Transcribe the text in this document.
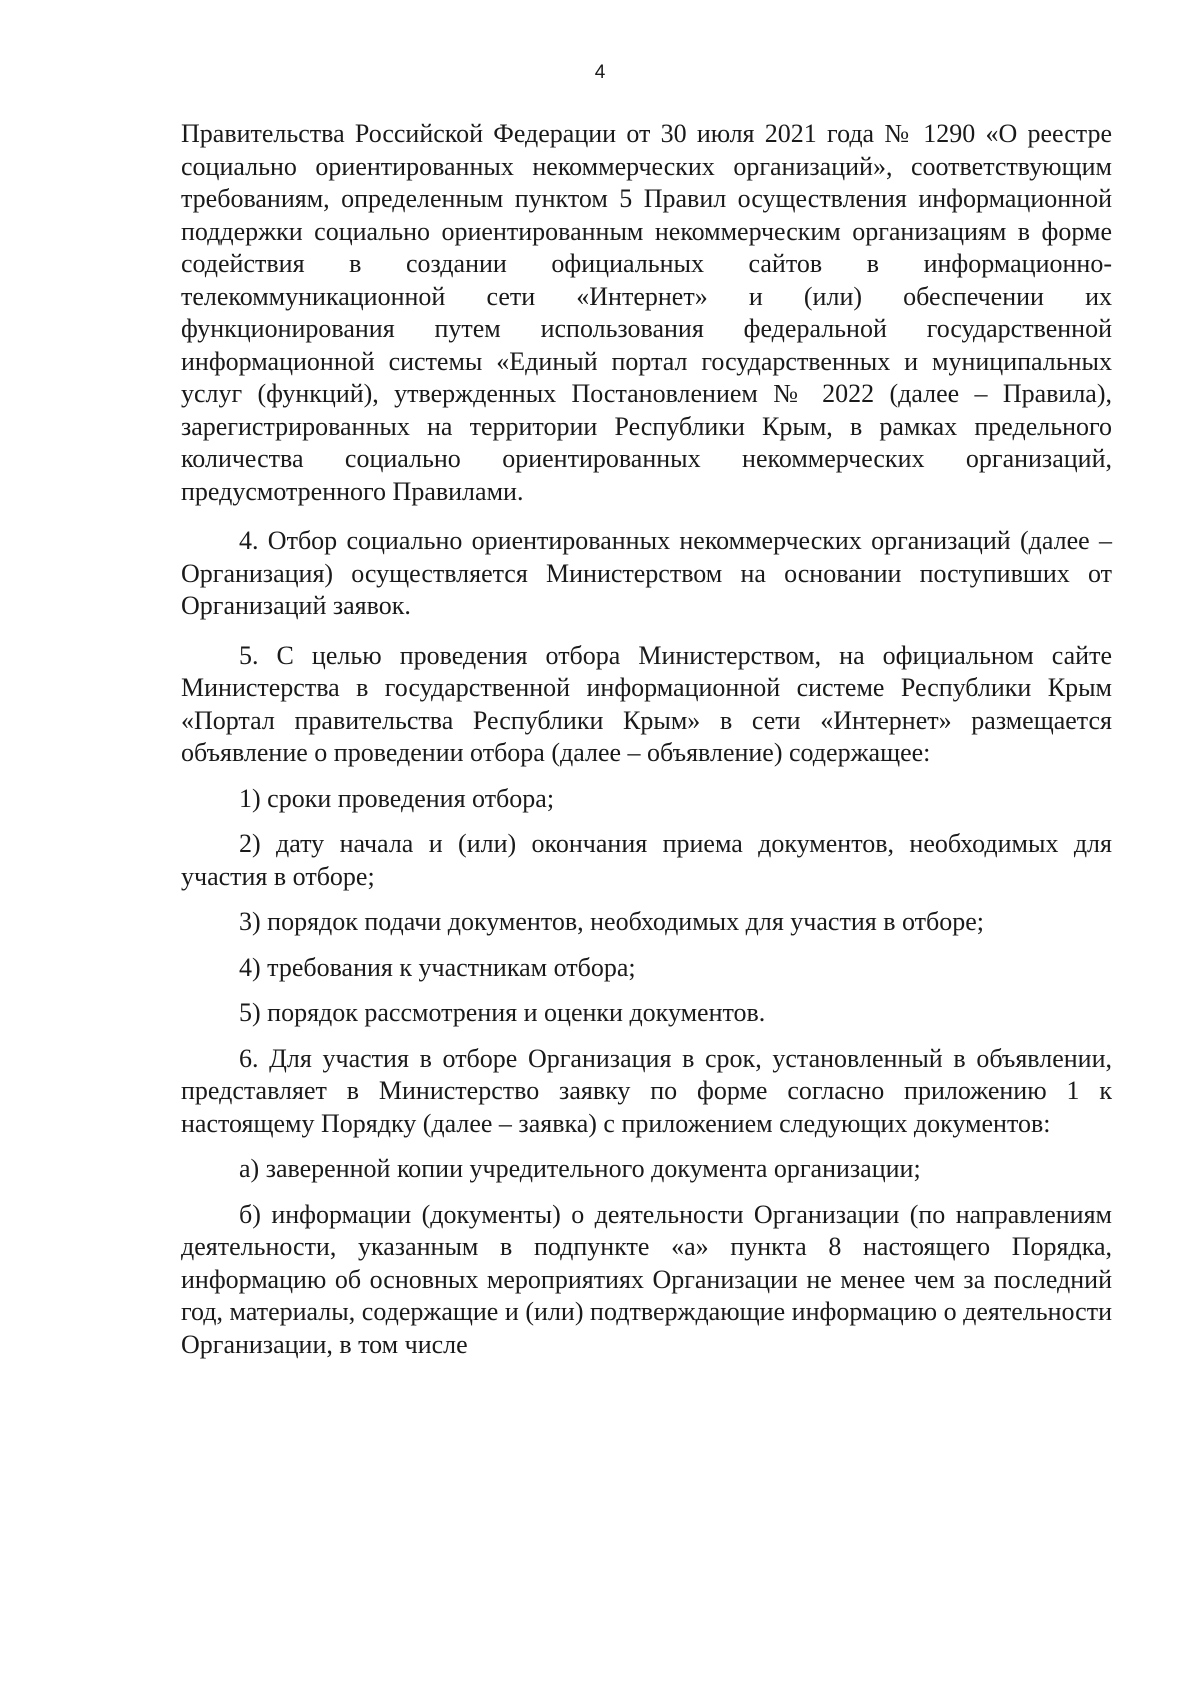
4

Правительства Российской Федерации от 30 июля 2021 года № 1290 «О реестре социально ориентированных некоммерческих организаций», соответствующим требованиям, определенным пунктом 5 Правил осуществления информационной поддержки социально ориентированным некоммерческим организациям в форме содействия в создании официальных сайтов в информационно-телекоммуникационной сети «Интернет» и (или) обеспечении их функционирования путем использования федеральной государственной информационной системы «Единый портал государственных и муниципальных услуг (функций), утвержденных Постановлением № 2022 (далее – Правила), зарегистрированных на территории Республики Крым, в рамках предельного количества социально ориентированных некоммерческих организаций, предусмотренного Правилами.

4. Отбор социально ориентированных некоммерческих организаций (далее – Организация) осуществляется Министерством на основании поступивших от Организаций заявок.

5. С целью проведения отбора Министерством, на официальном сайте Министерства в государственной информационной системе Республики Крым «Портал правительства Республики Крым» в сети «Интернет» размещается объявление о проведении отбора (далее – объявление) содержащее:

1) сроки проведения отбора;

2) дату начала и (или) окончания приема документов, необходимых для участия в отборе;

3) порядок подачи документов, необходимых для участия в отборе;

4) требования к участникам отбора;

5) порядок рассмотрения и оценки документов.

6. Для участия в отборе Организация в срок, установленный в объявлении, представляет в Министерство заявку по форме согласно приложению 1 к настоящему Порядку (далее – заявка) с приложением следующих документов:

а) заверенной копии учредительного документа организации;

б) информации (документы) о деятельности Организации (по направлениям деятельности, указанным в подпункте «а» пункта 8 настоящего Порядка, информацию об основных мероприятиях Организации не менее чем за последний год, материалы, содержащие и (или) подтверждающие информацию о деятельности Организации, в том числе
